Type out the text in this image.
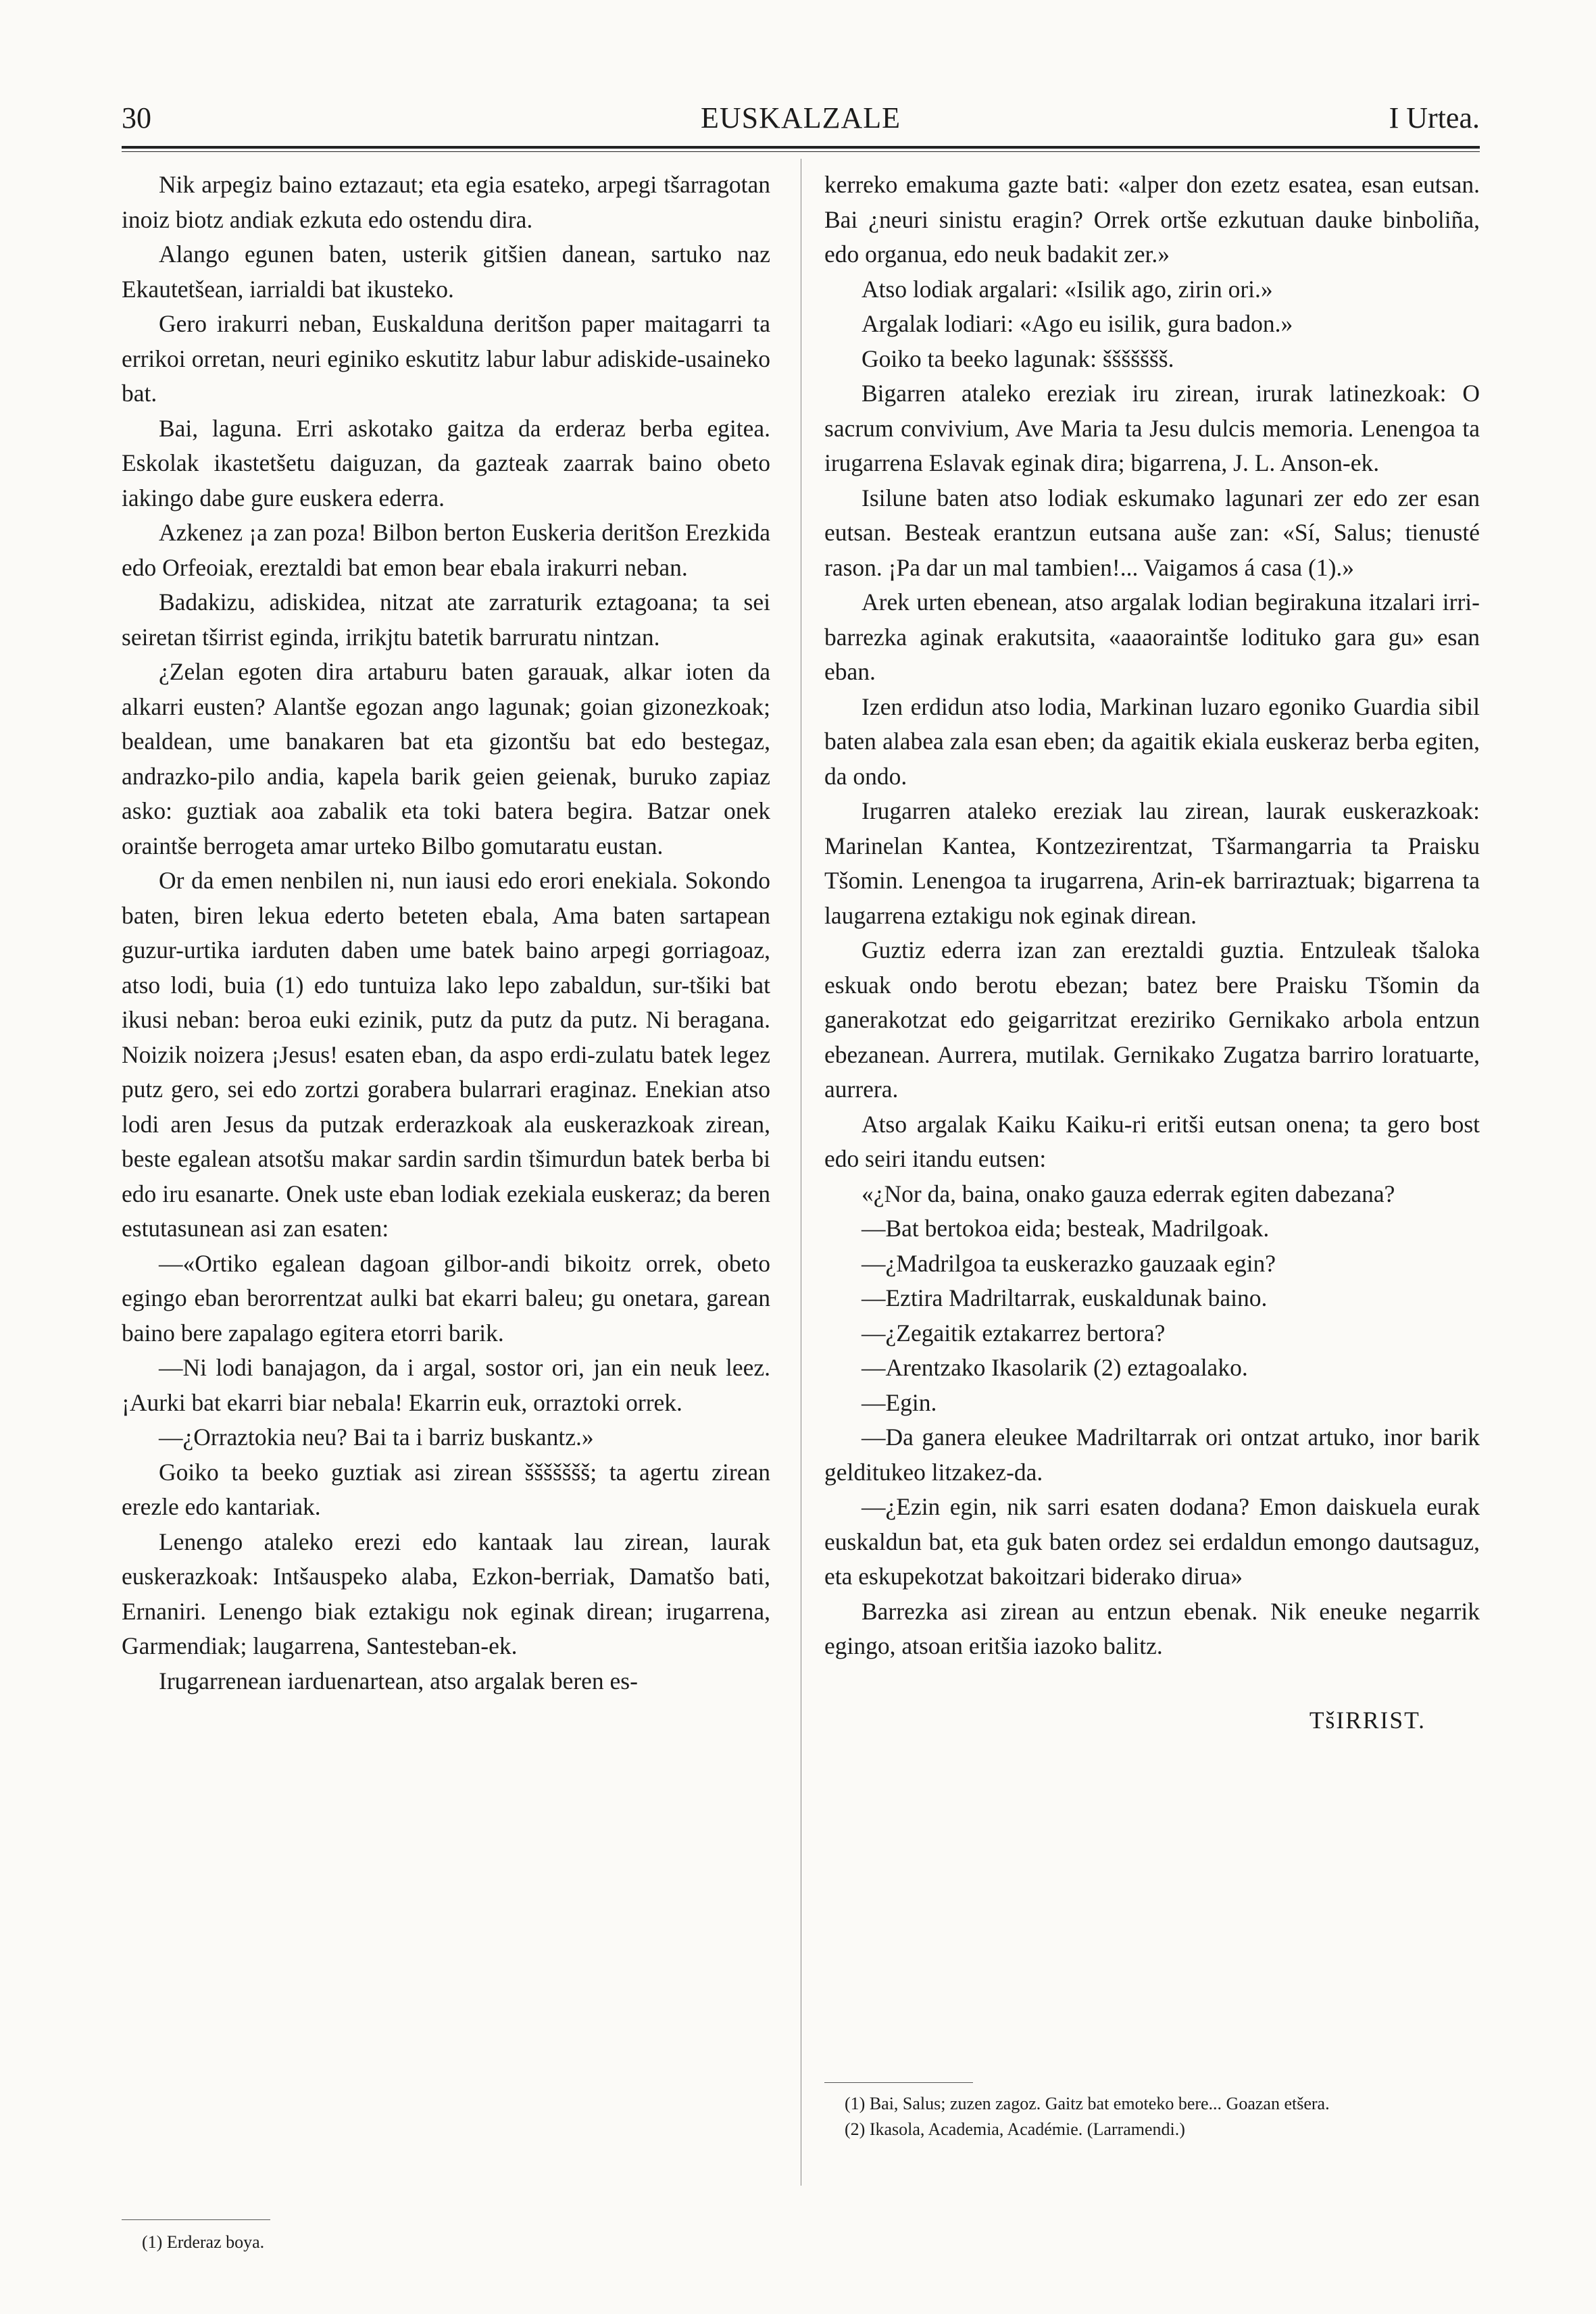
30	EUSKALZALE	I Urtea.

Nik arpegiz baino eztazaut; eta egia esateko, arpegi tšarragotan inoiz biotz andiak ezkuta edo ostendu dira.

Alango egunen baten, usterik gitšien danean, sartuko naz Ekautetšean, iarrialdi bat ikusteko.

Gero irakurri neban, Euskalduna deritšon paper maitagarri ta errikoi orretan, neuri eginiko eskutitz labur labur adiskide-usaineko bat.

Bai, laguna. Erri askotako gaitza da erderaz berba egitea. Eskolak ikastetšetu daiguzan, da gazteak zaarrak baino obeto iakingo dabe gure euskera ederra.

Azkenez ¡a zan poza! Bilbon berton Euskeria deritšon Erezkida edo Orfeoiak, ereztaldi bat emon bear ebala irakurri neban.

Badakizu, adiskidea, nitzat ate zarraturik eztagoana; ta sei seiretan tširrist eginda, irrikjtu batetik barruratu nintzan.

¿Zelan egoten dira artaburu baten garauak, alkar ioten da alkarri eusten? Alantše egozan ango lagunak; goian gizonezkoak; bealdean, ume banakaren bat eta gizontšu bat edo bestegaz, andrazko-pilo andia, kapela barik geien geienak, buruko zapiaz asko: guztiak aoa zabalik eta toki batera begira. Batzar onek oraintše berrogeta amar urteko Bilbo gomutaratu eustan.

Or da emen nenbilen ni, nun iausi edo erori enekiala. Sokondo baten, biren lekua ederto beteten ebala, Ama baten sartapean guzur-urtika iarduten daben ume batek baino arpegi gorriagoaz, atso lodi, buia (1) edo tuntuiza lako lepo zabaldun, sur-tšiki bat ikusi neban: beroa euki ezinik, putz da putz da putz. Ni beragana. Noizik noizera ¡Jesus! esaten eban, da aspo erdi-zulatu batek legez putz gero, sei edo zortzi gorabera bularrari eraginaz. Enekian atso lodi aren Jesus da putzak erderazkoak ala euskerazkoak zirean, beste egalean atsotšu makar sardin sardin tšimurdun batek berba bi edo iru esanarte. Onek uste eban lodiak ezekiala euskeraz; da beren estutasunean asi zan esaten:

—«Ortiko egalean dagoan gilbor-andi bikoitz orrek, obeto egingo eban berorrentzat aulki bat ekarri baleu; gu onetara, garean baino bere zapalago egitera etorri barik.

—Ni lodi banajagon, da i argal, sostor ori, jan ein neuk leez. ¡Aurki bat ekarri biar nebala! Ekarrin euk, orraztoki orrek.

—¿Orraztokia neu? Bai ta i barriz buskantz.»

Goiko ta beeko guztiak asi zirean ššššššš; ta agertu zirean erezle edo kantariak.

Lenengo ataleko erezi edo kantaak lau zirean, laurak euskerazkoak: Intšauspeko alaba, Ezkon-berriak, Damatšo bati, Ernaniri. Lenengo biak eztakigu nok eginak direan; irugarrena, Garmendiak; laugarrena, Santesteban-ek.

Irugarrenean iarduenartean, atso argalak beren es-

kerreko emakuma gazte bati: «alper don ezetz esatea, esan eutsan. Bai ¿neuri sinistu eragin? Orrek ortše ezkutuan dauke binboliña, edo organua, edo neuk badakit zer.»

Atso lodiak argalari: «Isilik ago, zirin ori.»

Argalak lodiari: «Ago eu isilik, gura badon.»

Goiko ta beeko lagunak: ššššššš.

Bigarren ataleko ereziak iru zirean, irurak latinezkoak: O sacrum convivium, Ave Maria ta Jesu dulcis memoria. Lenengoa ta irugarrena Eslavak eginak dira; bigarrena, J. L. Anson-ek.

Isilune baten atso lodiak eskumako lagunari zer edo zer esan eutsan. Besteak erantzun eutsana auše zan: «Sí, Salus; tienusté rason. ¡Pa dar un mal tambien!... Vaigamos á casa (1).»

Arek urten ebenean, atso argalak lodian begirakuna itzalari irri-barrezka aginak erakutsita, «aaaoraintše lodituko gara gu» esan eban.

Izen erdidun atso lodia, Markinan luzaro egoniko Guardia sibil baten alabea zala esan eben; da agaitik ekiala euskeraz berba egiten, da ondo.

Irugarren ataleko ereziak lau zirean, laurak euskerazkoak: Marinelan Kantea, Kontzezirentzat, Tšarmangarria ta Praisku Tšomin. Lenengoa ta irugarrena, Arin-ek barriraztuak; bigarrena ta laugarrena eztakigu nok eginak direan.

Guztiz ederra izan zan ereztaldi guztia. Entzuleak tšaloka eskuak ondo berotu ebezan; batez bere Praisku Tšomin da ganerakotzat edo geigarritzat ereziriko Gernikako arbola entzun ebezanean. Aurrera, mutilak. Gernikako Zugatza barriro loratuarte, aurrera.

Atso argalak Kaiku Kaiku-ri eritši eutsan onena; ta gero bost edo seiri itandu eutsen:

«¿Nor da, baina, onako gauza ederrak egiten dabezana?

—Bat bertokoa eida; besteak, Madrilgoak.

—¿Madrilgoa ta euskerazko gauzaak egin?

—Eztira Madriltarrak, euskaldunak baino.

—¿Zegaitik eztakarrez bertora?

—Arentzako Ikasolarik (2) eztagoalako.

—Egin.

—Da ganera eleukee Madriltarrak ori ontzat artuko, inor barik gelditukeo litzakez-da.

—¿Ezin egin, nik sarri esaten dodana? Emon daiskuela eurak euskaldun bat, eta guk baten ordez sei erdaldun emongo dautsaguz, eta eskupekotzat bakoitzari biderako dirua»

Barrezka asi zirean au entzun ebenak. Nik eneuke negarrik egingo, atsoan eritšia iazoko balitz.

TšIRRIST.

(1) Erderaz boya.

(1) Bai, Salus; zuzen zagoz. Gaitz bat emoteko bere... Goazan etšera.

(2) Ikasola, Academia, Académie. (Larramendi.)
